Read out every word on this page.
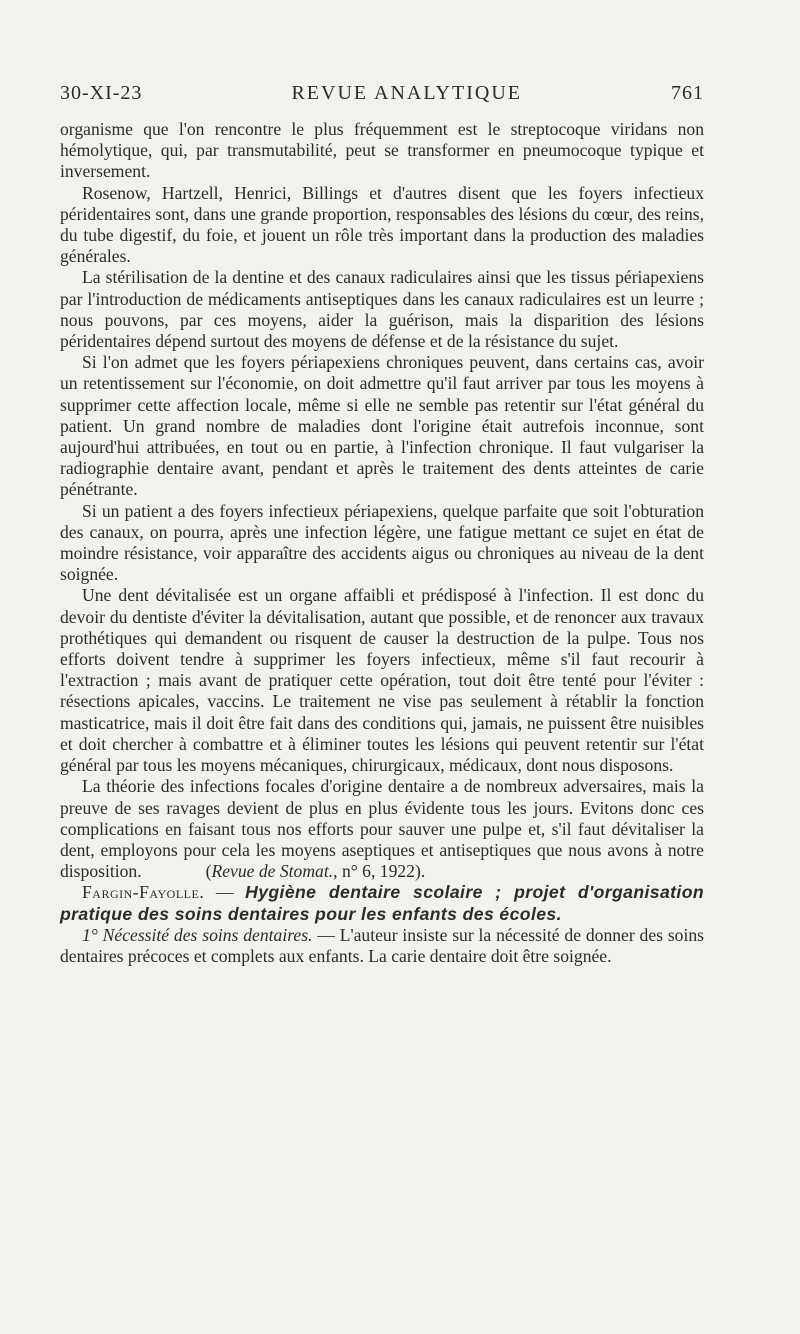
30-XI-23	REVUE ANALYTIQUE	761

organisme que l'on rencontre le plus fréquemment est le streptocoque viridans non hémolytique, qui, par transmutabilité, peut se transformer en pneumocoque typique et inversement.

Rosenow, Hartzell, Henrici, Billings et d'autres disent que les foyers infectieux péridentaires sont, dans une grande proportion, responsables des lésions du cœur, des reins, du tube digestif, du foie, et jouent un rôle très important dans la production des maladies générales.

La stérilisation de la dentine et des canaux radiculaires ainsi que les tissus périapexiens par l'introduction de médicaments antiseptiques dans les canaux radiculaires est un leurre ; nous pouvons, par ces moyens, aider la guérison, mais la disparition des lésions péridentaires dépend surtout des moyens de défense et de la résistance du sujet.

Si l'on admet que les foyers périapexiens chroniques peuvent, dans certains cas, avoir un retentissement sur l'économie, on doit admettre qu'il faut arriver par tous les moyens à supprimer cette affection locale, même si elle ne semble pas retentir sur l'état général du patient. Un grand nombre de maladies dont l'origine était autrefois inconnue, sont aujourd'hui attribuées, en tout ou en partie, à l'infection chronique. Il faut vulgariser la radiographie dentaire avant, pendant et après le traitement des dents atteintes de carie pénétrante.

Si un patient a des foyers infectieux périapexiens, quelque parfaite que soit l'obturation des canaux, on pourra, après une infection légère, une fatigue mettant ce sujet en état de moindre résistance, voir apparaître des accidents aigus ou chroniques au niveau de la dent soignée.

Une dent dévitalisée est un organe affaibli et prédisposé à l'infection. Il est donc du devoir du dentiste d'éviter la dévitalisation, autant que possible, et de renoncer aux travaux prothétiques qui demandent ou risquent de causer la destruction de la pulpe. Tous nos efforts doivent tendre à supprimer les foyers infectieux, même s'il faut recourir à l'extraction ; mais avant de pratiquer cette opération, tout doit être tenté pour l'éviter : résections apicales, vaccins. Le traitement ne vise pas seulement à rétablir la fonction masticatrice, mais il doit être fait dans des conditions qui, jamais, ne puissent être nuisibles et doit chercher à combattre et à éliminer toutes les lésions qui peuvent retentir sur l'état général par tous les moyens mécaniques, chirurgicaux, médicaux, dont nous disposons.

La théorie des infections focales d'origine dentaire a de nombreux adversaires, mais la preuve de ses ravages devient de plus en plus évidente tous les jours. Evitons donc ces complications en faisant tous nos efforts pour sauver une pulpe et, s'il faut dévitaliser la dent, employons pour cela les moyens aseptiques et antiseptiques que nous avons à notre disposition.	(Revue de Stomat., n° 6, 1922).

Fargin-Fayolle. — Hygiène dentaire scolaire ; projet d'organisation pratique des soins dentaires pour les enfants des écoles.

1° Nécessité des soins dentaires. — L'auteur insiste sur la nécessité de donner des soins dentaires précoces et complets aux enfants. La carie dentaire doit être soignée.
